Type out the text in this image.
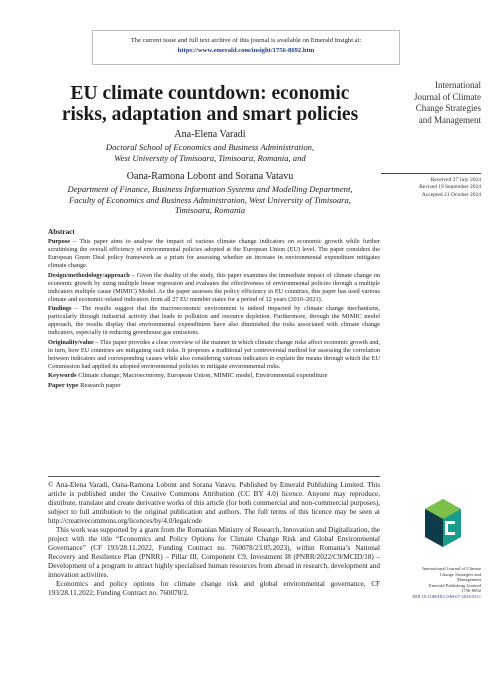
The current issue and full text archive of this journal is available on Emerald Insight at:
https://www.emerald.com/insight/1756-8692.htm
International
Journal of Climate
Change Strategies
and Management
Received 27 July 2024
Revised 19 September 2024
Accepted 21 October 2024
EU climate countdown: economic
risks, adaptation and smart policies
Ana-Elena Varadi
Doctoral School of Economics and Business Administration,
West University of Timisoara, Timisoara, Romania, and
Oana-Ramona Lobont and Sorana Vatavu
Department of Finance, Business Information Systems and Modelling Department,
Faculty of Economics and Business Administration, West University of Timisoara,
Timisoara, Romania
Abstract

Purpose – This paper aims to analyse the impact of various climate change indicators on economic growth while further scrutinising the overall efficiency of environmental policies adopted at the European Union (EU) level. The paper considers the European Green Deal policy framework as a prism for assessing whether an increase in environmental expenditure mitigates climate change.

Design/methodology/approach – Given the duality of the study, this paper examines the immediate impact of climate change on economic growth by using multiple linear regression and evaluates the effectiveness of environmental policies through a multiple indicators multiple cause (MIMIC) Model. As the paper assesses the policy efficiency in EU countries, this paper has used various climate and economic-related indicators from all 27 EU member states for a period of 12 years (2010–2021).

Findings – The results suggest that the macroeconomic environment is indeed impacted by climate change mechanisms, particularly through industrial activity that leads to pollution and resource depletion. Furthermore, through the MIMIC model approach, the results display that environmental expenditures have also diminished the risks associated with climate change indicators, especially in reducing greenhouse gas emissions.

Originality/value – This paper provides a clear overview of the manner in which climate change risks affect economic growth and, in turn, how EU countries are mitigating such risks. It proposes a traditional yet controversial method for assessing the correlation between indicators and corresponding causes while also considering various indicators to explain the means through which the EU Commission had applied its adopted environmental policies to mitigate environmental risks.

Keywords Climate change, Macroeconomy, European Union, MIMIC model, Environmental expenditure

Paper type Research paper

© Ana-Elena Varadi, Oana-Ramona Lobont and Sorana Vatavu. Published by Emerald Publishing Limited. This article is published under the Creative Commons Attribution (CC BY 4.0) licence. Anyone may reproduce, distribute, translate and create derivative works of this article (for both commercial and non-commercial purposes), subject to full attribution to the original publication and authors. The full terms of this licence may be seen at http://creativecommons.org/licences/by/4.0/legalcode

This work was supported by a grant from the Romanian Ministry of Research, Innovation and Digitalization, the project with the title “Economics and Policy Options for Climate Change Risk and Global Environmental Governance” (CF 193/28.11.2022, Funding Contract no. 760078/23.05.2023), within Romania’s National Recovery and Resilience Plan (PNRR) – Pillar III, Component C9, Investment I8 (PNRR/2022/C9/MCID/18) – Development of a program to attract highly specialised human resources from abroad in research, development and innovation activities.

Economics and policy options for climate change risk and global environmental governance, CF 193/28.11.2022; Funding Contract no. 760078/2.

International Journal of Climate
Change Strategies and
Management
Emerald Publishing Limited
1756-8692
DOI 10.1108/IJCCSM-07-2024-0111
